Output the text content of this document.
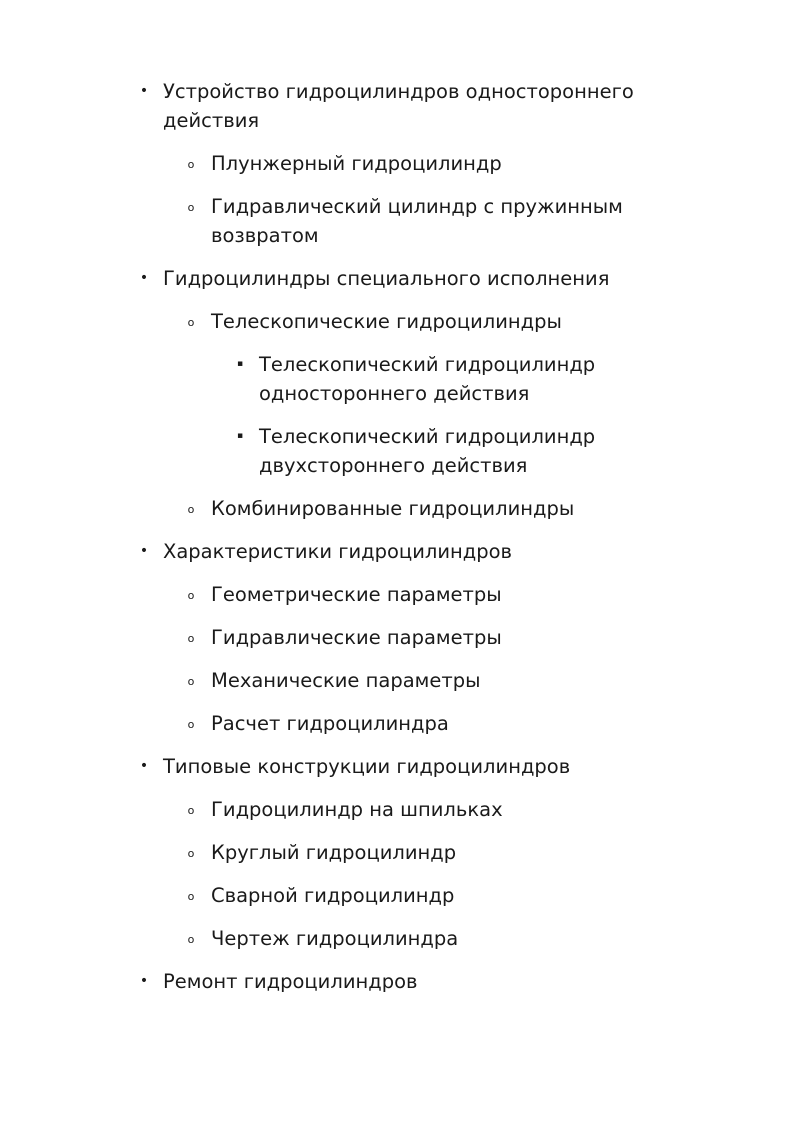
• Устройство гидроцилиндров одностороннего действия
o Плунжерный гидроцилиндр
o Гидравлический цилиндр с пружинным возвратом
• Гидроцилиндры специального исполнения
o Телескопические гидроцилиндры
▪ Телескопический гидроцилиндр одностороннего действия
▪ Телескопический гидроцилиндр двухстороннего действия
o Комбинированные гидроцилиндры
• Характеристики гидроцилиндров
o Геометрические параметры
o Гидравлические параметры
o Механические параметры
o Расчет гидроцилиндра
• Типовые конструкции гидроцилиндров
o Гидроцилиндр на шпильках
o Круглый гидроцилиндр
o Сварной гидроцилиндр
o Чертеж гидроцилиндра
• Ремонт гидроцилиндров
